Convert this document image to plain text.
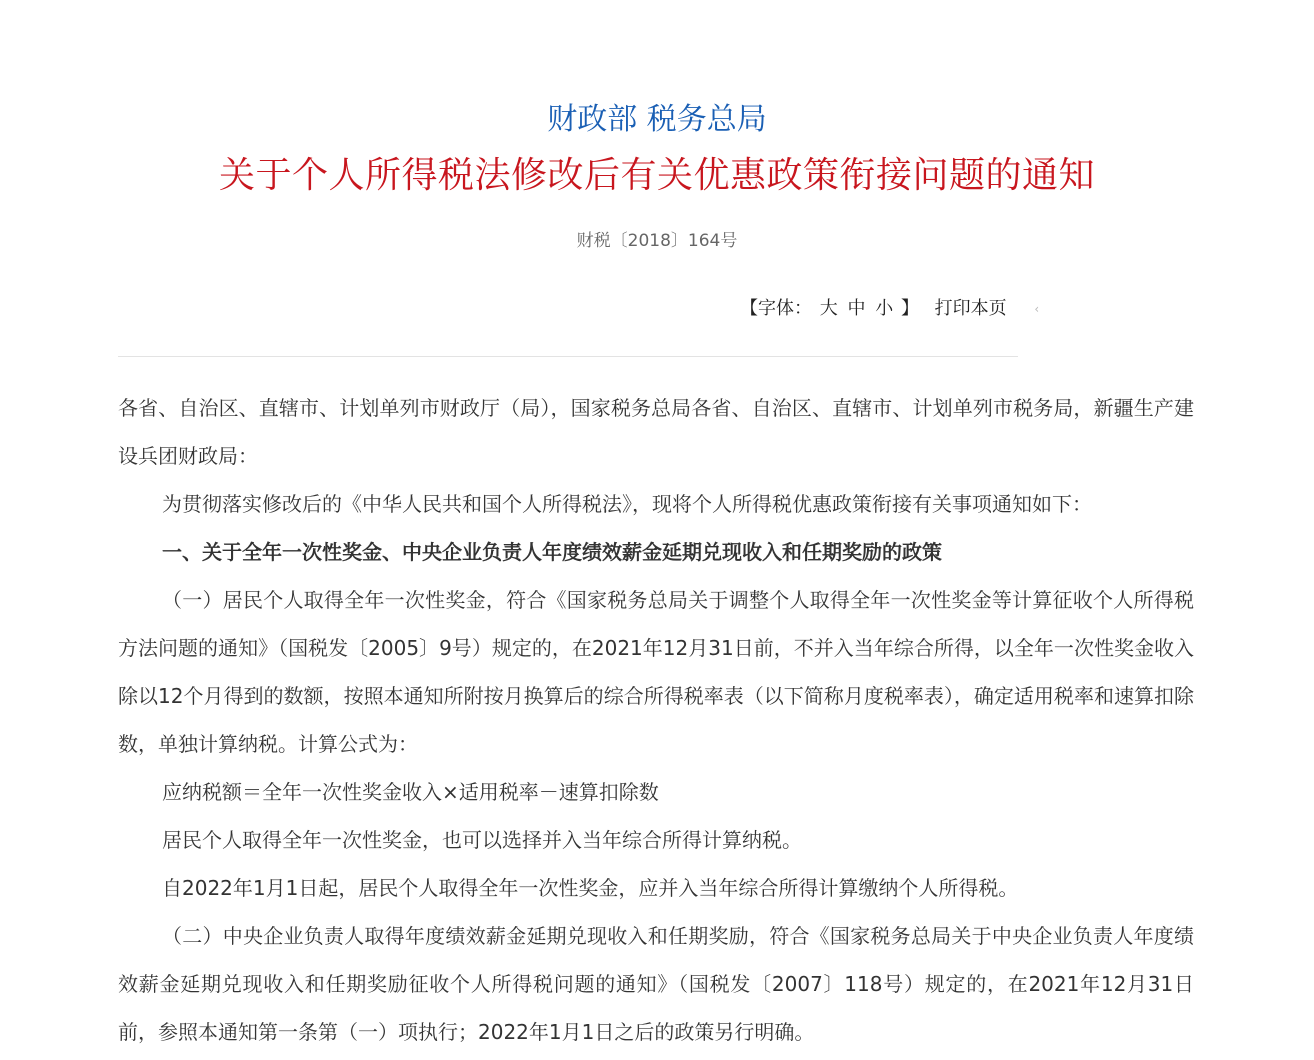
财政部 税务总局
关于个人所得税法修改后有关优惠政策衔接问题的通知
财税〔2018〕164号
【字体： 大 中 小 】 打印本页 ‹

各省、自治区、直辖市、计划单列市财政厅（局），国家税务总局各省、自治区、直辖市、计划单列市税务局，新疆生产建设兵团财政局：

为贯彻落实修改后的《中华人民共和国个人所得税法》，现将个人所得税优惠政策衔接有关事项通知如下：

一、关于全年一次性奖金、中央企业负责人年度绩效薪金延期兑现收入和任期奖励的政策

（一）居民个人取得全年一次性奖金，符合《国家税务总局关于调整个人取得全年一次性奖金等计算征收个人所得税方法问题的通知》（国税发〔2005〕9号）规定的，在2021年12月31日前，不并入当年综合所得，以全年一次性奖金收入除以12个月得到的数额，按照本通知所附按月换算后的综合所得税率表（以下简称月度税率表），确定适用税率和速算扣除数，单独计算纳税。计算公式为：

应纳税额＝全年一次性奖金收入×适用税率－速算扣除数

居民个人取得全年一次性奖金，也可以选择并入当年综合所得计算纳税。

自2022年1月1日起，居民个人取得全年一次性奖金，应并入当年综合所得计算缴纳个人所得税。

（二）中央企业负责人取得年度绩效薪金延期兑现收入和任期奖励，符合《国家税务总局关于中央企业负责人年度绩效薪金延期兑现收入和任期奖励征收个人所得税问题的通知》（国税发〔2007〕118号）规定的，在2021年12月31日前，参照本通知第一条第（一）项执行；2022年1月1日之后的政策另行明确。
